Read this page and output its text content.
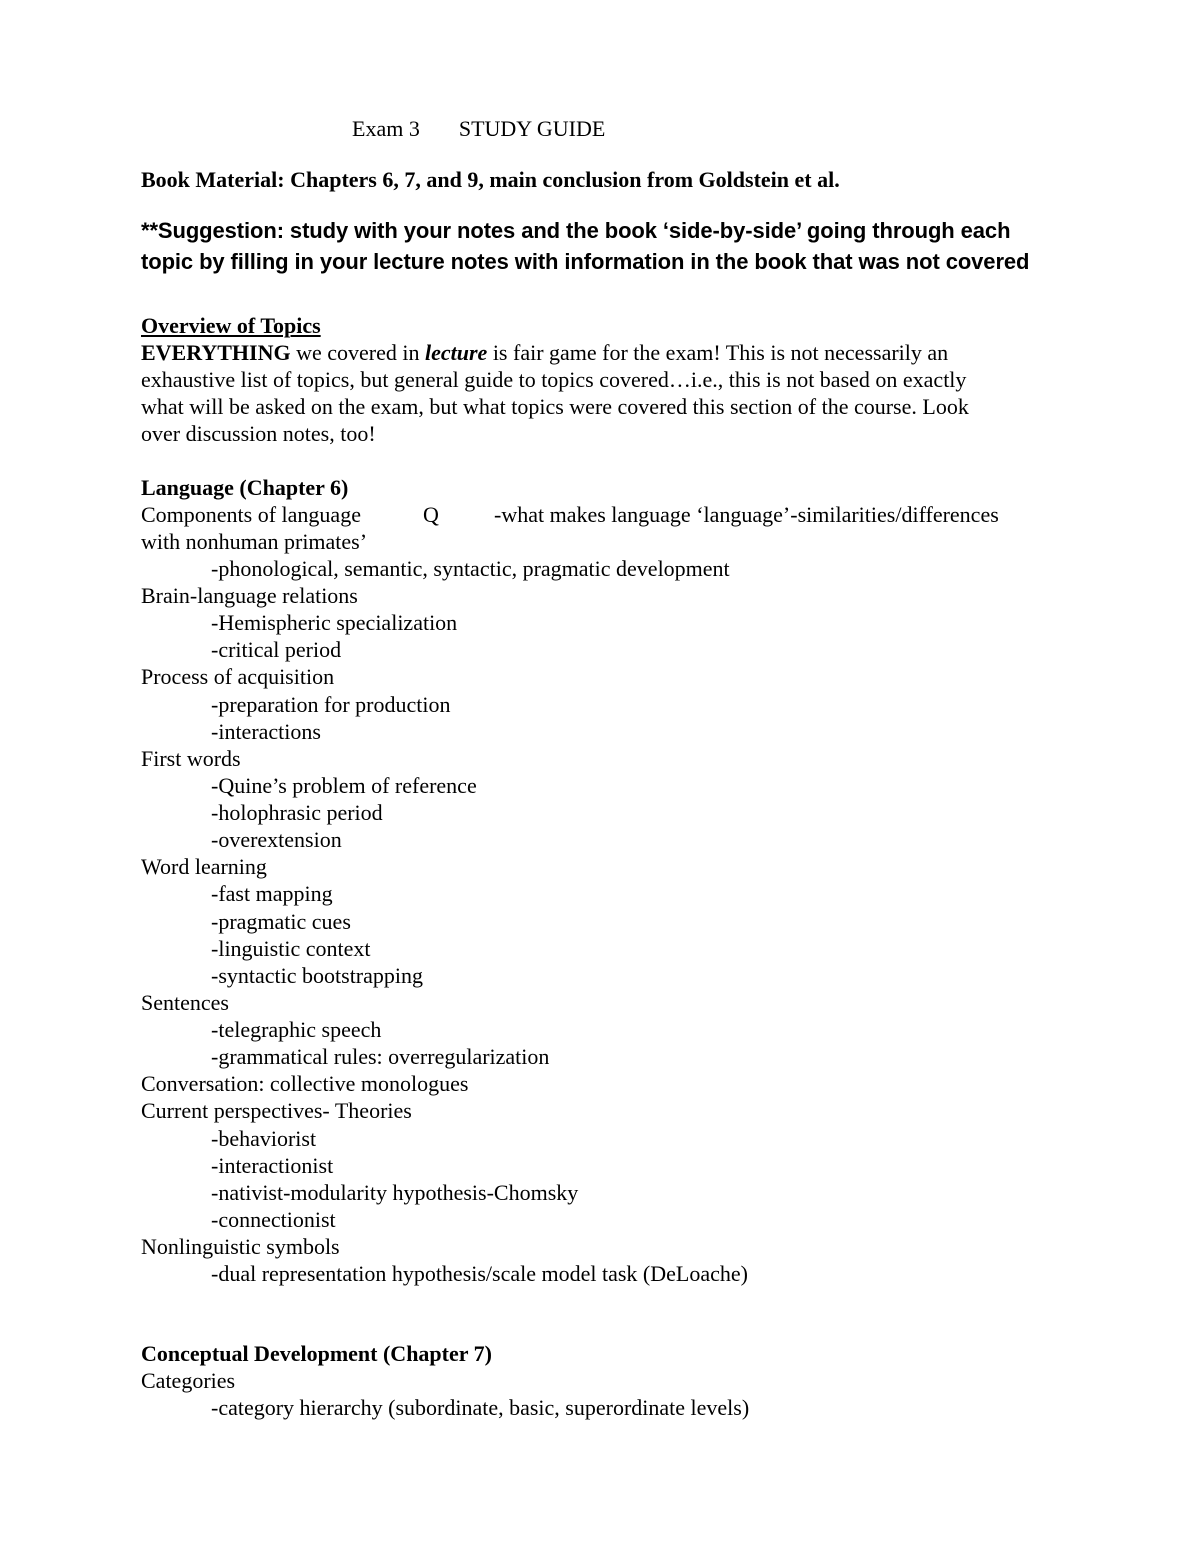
Exam 3 STUDY GUIDE
Book Material: Chapters 6, 7, and 9, main conclusion from Goldstein et al.
**Suggestion: study with your notes and the book ‘side-by-side’ going through each
topic by filling in your lecture notes with information in the book that was not covered
Overview of Topics
EVERYTHING we covered in lecture is fair game for the exam! This is not necessarily an
exhaustive list of topics, but general guide to topics covered…i.e., this is not based on exactly
what will be asked on the exam, but what topics were covered this section of the course. Look
over discussion notes, too!
Language (Chapter 6)
Components of language	Q	-what makes language ‘language’-similarities/differences
with nonhuman primates’
-phonological, semantic, syntactic, pragmatic development
Brain-language relations
-Hemispheric specialization
-critical period
Process of acquisition
-preparation for production
-interactions
First words
-Quine’s problem of reference
-holophrasic period
-overextension
Word learning
-fast mapping
-pragmatic cues
-linguistic context
-syntactic bootstrapping
Sentences
-telegraphic speech
-grammatical rules: overregularization
Conversation: collective monologues
Current perspectives- Theories
-behaviorist
-interactionist
-nativist-modularity hypothesis-Chomsky
-connectionist
Nonlinguistic symbols
-dual representation hypothesis/scale model task (DeLoache)
Conceptual Development (Chapter 7)
Categories
-category hierarchy (subordinate, basic, superordinate levels)
